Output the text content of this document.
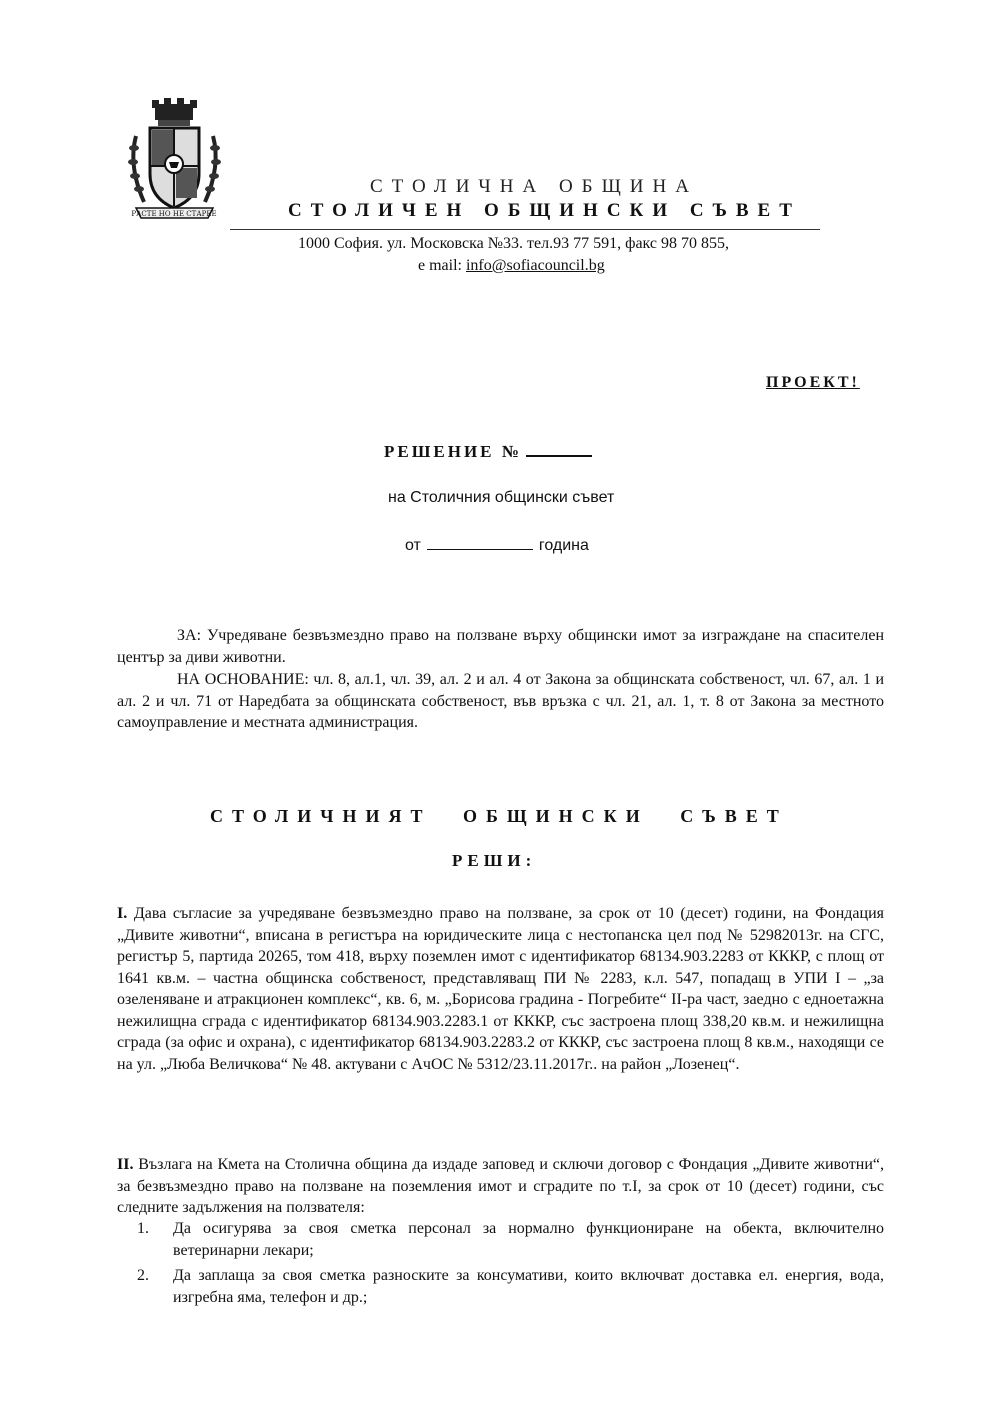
РАСТЕ НО НЕ СТАРЕЕ
СТОЛИЧНА ОБЩИНА
СТОЛИЧЕН ОБЩИНСКИ СЪВЕТ
1000 София. ул. Московска №33. тел.93 77 591, факс 98 70 855,
e mail: info@sofiacouncil.bg
ПРОЕКТ!
РЕШЕНИЕ №
на Столичния общински съвет
от	година
ЗА: Учредяване безвъзмездно право на ползване върху общински имот за изграждане на спасителен център за диви животни.
НА ОСНОВАНИЕ: чл. 8, ал.1, чл. 39, ал. 2 и ал. 4 от Закона за общинската собственост, чл. 67, ал. 1 и ал. 2 и чл. 71 от Наредбата за общинската собственост, във връзка с чл. 21, ал. 1, т. 8 от Закона за местното самоуправление и местната администрация.
СТОЛИЧНИЯТ ОБЩИНСКИ СЪВЕТ
РЕШИ:
I. Дава съгласие за учредяване безвъзмездно право на ползване, за срок от 10 (десет) години, на Фондация „Дивите животни“, вписана в регистъра на юридическите лица с нестопанска цел под № 52982013г. на СГС, регистър 5, партида 20265, том 418, върху поземлен имот с идентификатор 68134.903.2283 от КККР, с площ от 1641 кв.м. – частна общинска собственост, представляващ ПИ № 2283, к.л. 547, попадащ в УПИ I – „за озеленяване и атракционен комплекс“, кв. 6, м. „Борисова градина - Погребите“ II-ра част, заедно с едноетажна нежилищна сграда с идентификатор 68134.903.2283.1 от КККР, със застроена площ 338,20 кв.м. и нежилищна сграда (за офис и охрана), с идентификатор 68134.903.2283.2 от КККР, със застроена площ 8 кв.м., находящи се на ул. „Люба Величкова“ № 48. актувани с АчОС № 5312/23.11.2017г.. на район „Лозенец“.
II. Възлага на Кмета на Столична община да издаде заповед и сключи договор с Фондация „Дивите животни“, за безвъзмездно право на ползване на поземления имот и сградите по т.I, за срок от 10 (десет) години, със следните задължения на ползвателя:
1.	Да осигурява за своя сметка персонал за нормално функциониране на обекта, включително ветеринарни лекари;
2.	Да заплаща за своя сметка разноските за консумативи, които включват доставка ел. енергия, вода, изгребна яма, телефон и др.;
